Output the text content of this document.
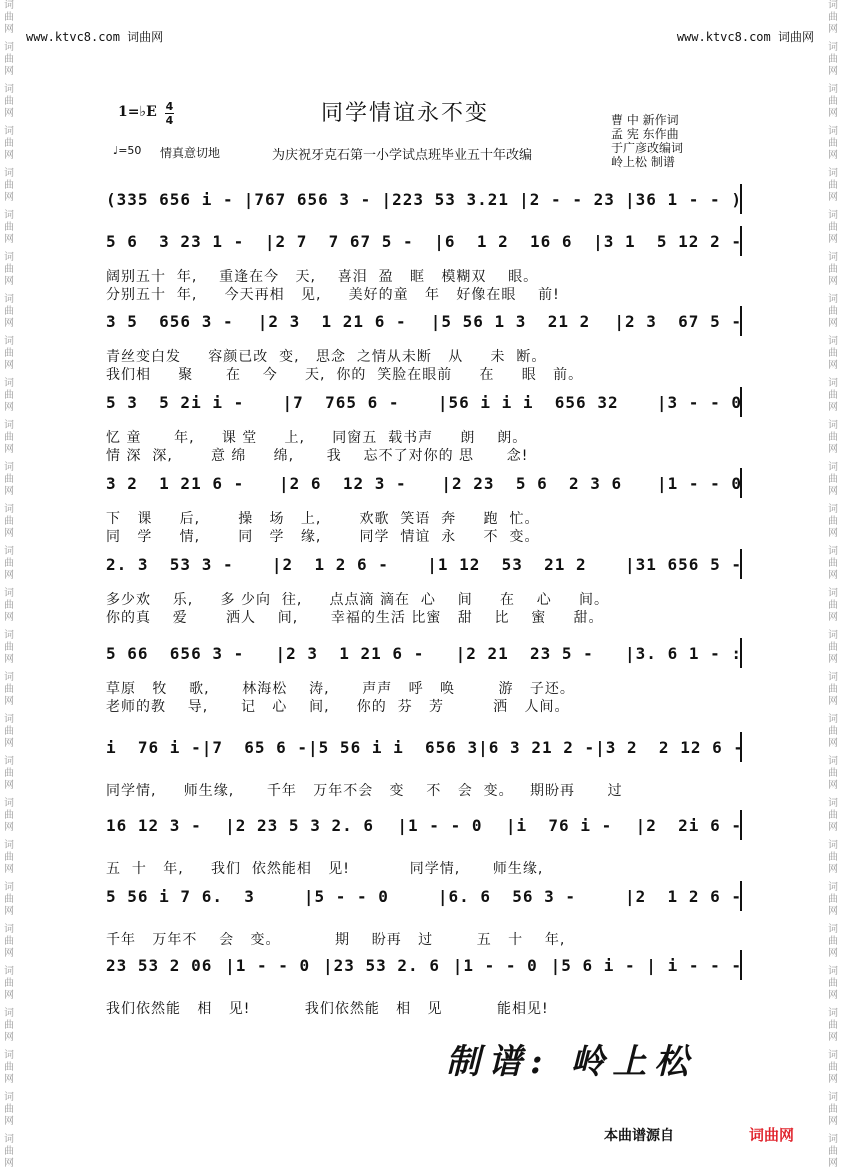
词曲网
词曲网
词曲网
词曲网
词曲网
词曲网
词曲网
词曲网
词曲网
词曲网
词曲网
词曲网
词曲网
词曲网
词曲网
词曲网
词曲网
词曲网
词曲网
词曲网
词曲网
词曲网
词曲网
词曲网
词曲网
词曲网
词曲网
词曲网
词曲网
词曲网
词曲网
词曲网
词曲网
词曲网
词曲网
词曲网
词曲网
词曲网
词曲网
词曲网
词曲网
词曲网
词曲网
词曲网
词曲网
词曲网
词曲网
词曲网
词曲网
词曲网
词曲网
词曲网
词曲网
词曲网
词曲网
词曲网
www.ktvc8.com 词曲网	www.ktvc8.com 词曲网
1=♭E 4
4	同学情谊永不变
♩=50 情真意切地	为庆祝牙克石第一小学试点班毕业五十年改编
曹 中 新作词
孟 宪 东作曲
于广彦改编词
岭上松 制谱
(335 656 i - |767 656 3 - |223 53 3.21 |2 - - 23 |36 1 - - )
5 6  3 23 1 - |2 7  7 67 5 - |6  1 2  16 6 |3 1  5 12 2 -
阔别五十  年,    重逢在今   天,    喜泪  盈   眶   模糊双    眼。
分别五十  年,     今天再相   见,     美好的童   年   好像在眼    前!
3 5  656 3 - |2 3  1 21 6 - |5 56 1 3  21 2 |2 3  67 5 -
青丝变白发     容颜已改  变,   思念  之情从未断   从     未  断。
我们相     聚      在    今     天,  你的  笑脸在眼前     在     眼   前。
5 3  5 2i i - |7  765 6 - |56 i i i  656 32 |3 - - 0
忆 童      年,     课 堂     上,     同窗五  载书声     朗    朗。
情 深  深,       意 绵     绵,      我    忘不了对你的 思      念!
3 2  1 21 6 - |2 6  12 3 - |2 23  5 6  2 3 6 |1 - - 0
下   课     后,       操   场   上,       欢歌  笑语  奔     跑  忙。
同   学     情,       同   学   缘,       同学  情谊  永     不  变。
2. 3  53 3 - |2  1 2 6 - |1 12  53  21 2 |31 656 5 -
多少欢    乐,     多 少向  往,     点点滴 滴在  心    间     在    心     间。
你的真    爱       洒人    间,      幸福的生活 比蜜   甜    比    蜜     甜。
5 66  656 3 - |2 3  1 21 6 - |2 21  23 5 - |3. 6 1 - :
草原   牧    歌,      林海松    涛,      声声   呼   唤        游   子还。
老师的教    导,      记   心    间,     你的  芬   芳         洒   人间。
i  76 i - |7  65 6 - |5 56 i i  656 3 |6 3 21 2 - |3 2  2 12 6 -
同学情,     师生缘,      千年   万年不会   变    不   会  变。   期盼再      过
16 12 3 - |2 23 5 3 2. 6 |1 - - 0 |i  76 i - |2  2i 6 -
五  十   年,     我们  依然能相   见!           同学情,      师生缘,
5 56 i 7 6.  3	|5 - - 0	|6. 6  56 3 -	|2  1 2 6 -
千年   万年不    会   变。          期    盼再   过        五   十    年,
23 53 2 06 |1 - - 0 |23 53 2. 6 |1 - - 0 |5 6 i - | i - - -
我们依然能   相   见!          我们依然能   相   见          能相见!
制谱: 岭上松
本曲谱源自	词曲网
